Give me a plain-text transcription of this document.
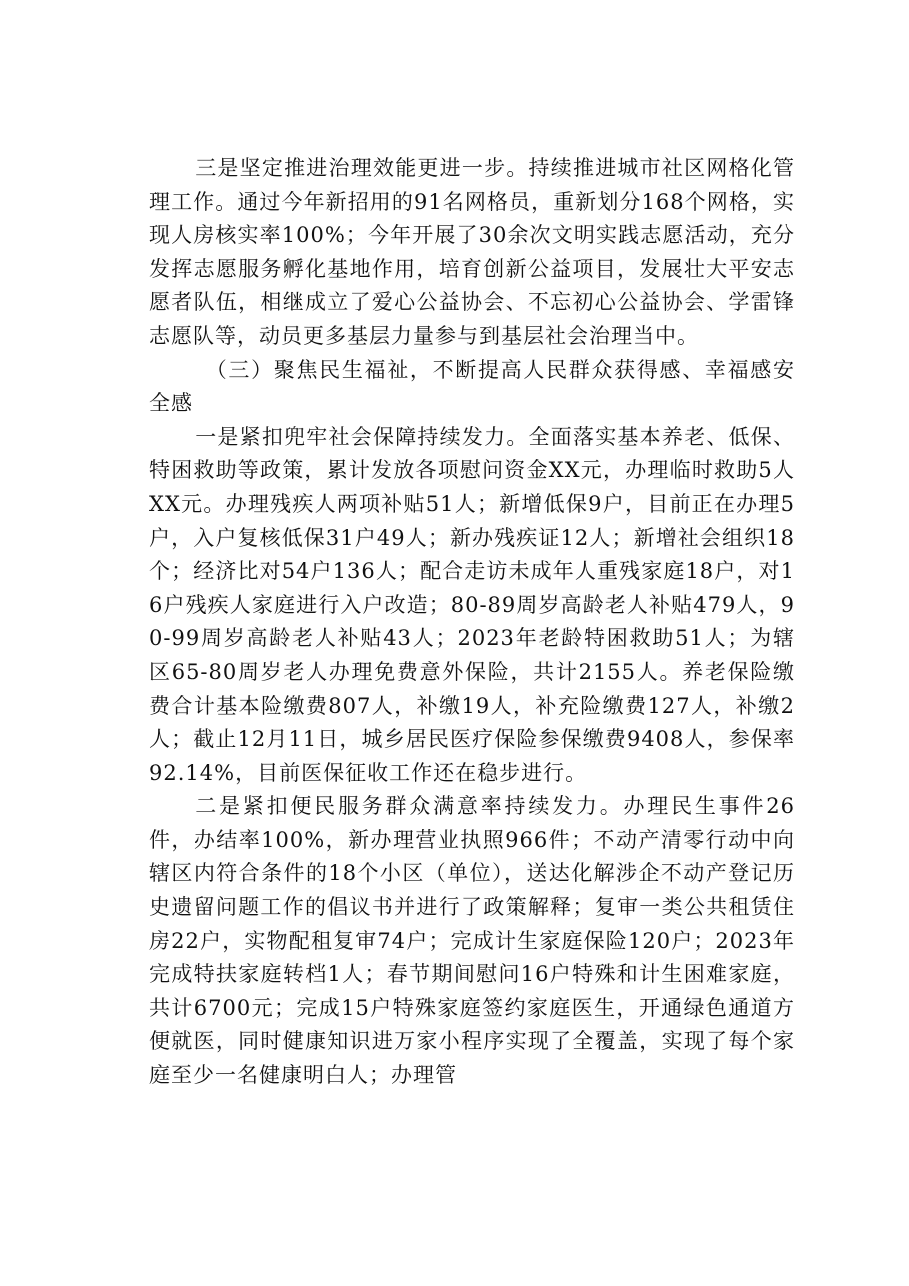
三是坚定推进治理效能更进一步。持续推进城市社区网格化管理工作。通过今年新招用的91名网格员，重新划分168个网格，实现人房核实率100%；今年开展了30余次文明实践志愿活动，充分发挥志愿服务孵化基地作用，培育创新公益项目，发展壮大平安志愿者队伍，相继成立了爱心公益协会、不忘初心公益协会、学雷锋志愿队等，动员更多基层力量参与到基层社会治理当中。

（三）聚焦民生福祉，不断提高人民群众获得感、幸福感安全感

一是紧扣兜牢社会保障持续发力。全面落实基本养老、低保、特困救助等政策，累计发放各项慰问资金XX元，办理临时救助5人XX元。办理残疾人两项补贴51人；新增低保9户，目前正在办理5户，入户复核低保31户49人；新办残疾证12人；新增社会组织18个；经济比对54户136人；配合走访未成年人重残家庭18户，对16户残疾人家庭进行入户改造；80-89周岁高龄老人补贴479人，90-99周岁高龄老人补贴43人；2023年老龄特困救助51人；为辖区65-80周岁老人办理免费意外保险，共计2155人。养老保险缴费合计基本险缴费807人，补缴19人，补充险缴费127人，补缴2人；截止12月11日，城乡居民医疗保险参保缴费9408人，参保率92.14%，目前医保征收工作还在稳步进行。

二是紧扣便民服务群众满意率持续发力。办理民生事件26件，办结率100%，新办理营业执照966件；不动产清零行动中向辖区内符合条件的18个小区（单位），送达化解涉企不动产登记历史遗留问题工作的倡议书并进行了政策解释；复审一类公共租赁住房22户，实物配租复审74户；完成计生家庭保险120户；2023年完成特扶家庭转档1人；春节期间慰问16户特殊和计生困难家庭，共计6700元；完成15户特殊家庭签约家庭医生，开通绿色通道方便就医，同时健康知识进万家小程序实现了全覆盖，实现了每个家庭至少一名健康明白人；办理管
